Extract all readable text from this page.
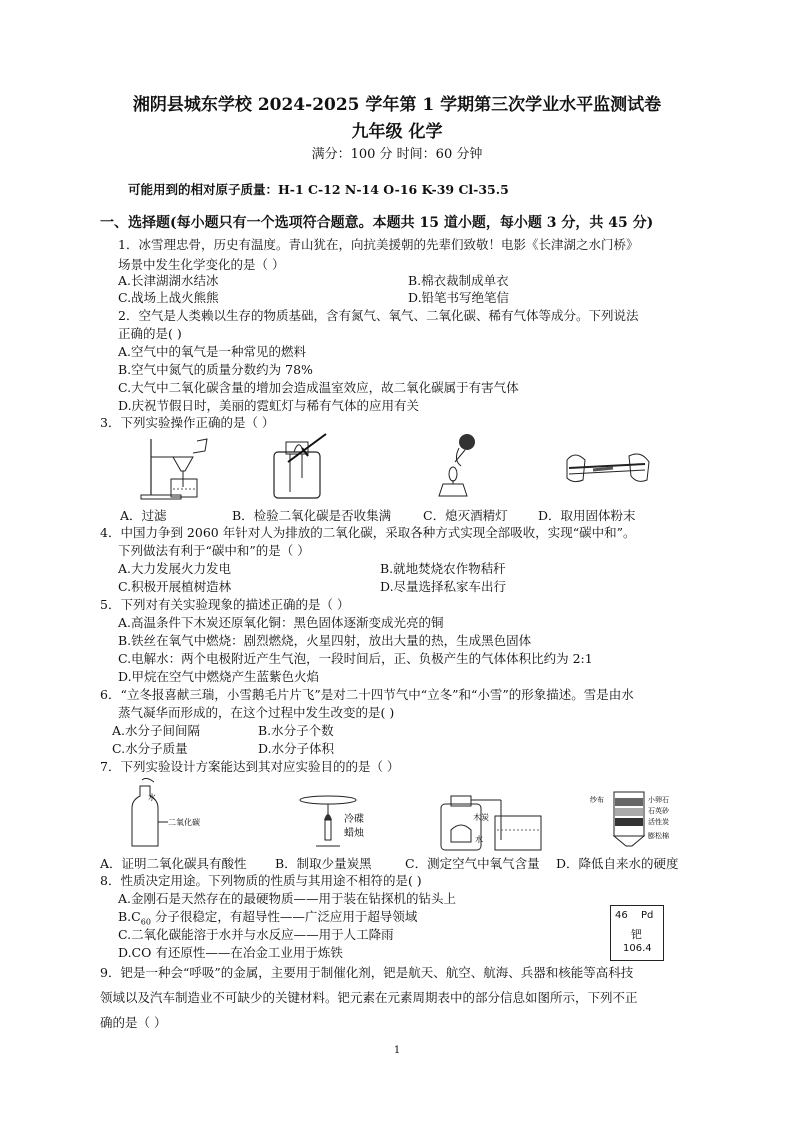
湘阴县城东学校 2024-2025 学年第 1 学期第三次学业水平监测试卷
九年级 化学
满分：100 分 时间：60 分钟
可能用到的相对原子质量：H-1 C-12 N-14 O-16 K-39 Cl-35.5
一、选择题(每小题只有一个选项符合题意。本题共 15 道小题，每小题 3 分，共 45 分)
1．冰雪理忠骨，历史有温度。青山犹在，向抗美援朝的先辈们致敬！电影《长津湖之水门桥》
场景中发生化学变化的是（ ）
A.长津湖湖水结冰	B.棉衣裁制成单衣
C.战场上战火熊熊	D.铅笔书写绝笔信
2．空气是人类赖以生存的物质基础，含有氮气、氧气、二氧化碳、稀有气体等成分。下列说法
正确的是( )
A.空气中的氧气是一种常见的燃料
B.空气中氮气的质量分数约为 78%
C.大气中二氧化碳含量的增加会造成温室效应，故二氧化碳属于有害气体
D.庆祝节假日时，美丽的霓虹灯与稀有气体的应用有关
3．下列实验操作正确的是（ ）
A．过滤	B．检验二氧化碳是否收集满	C．熄灭酒精灯 D．取用固体粉末
4．中国力争到 2060 年针对人为排放的二氧化碳，采取各种方式实现全部吸收，实现“碳中和”。
下列做法有利于“碳中和”的是（ ）
A.大力发展火力发电	B.就地焚烧农作物秸秆
C.积极开展植树造林	D.尽量选择私家车出行
5．下列对有关实验现象的描述正确的是（ ）
A.高温条件下木炭还原氧化铜：黑色固体逐渐变成光亮的铜
B.铁丝在氧气中燃烧：剧烈燃烧，火星四射，放出大量的热，生成黑色固体
C.电解水：两个电极附近产生气泡，一段时间后，正、负极产生的气体体积比约为 2:1
D.甲烷在空气中燃烧产生蓝紫色火焰
6．“立冬报喜献三瑞，小雪鹅毛片片飞”是对二十四节气中“立冬”和“小雪”的形象描述。雪是由水
蒸气凝华而形成的，在这个过程中发生改变的是( )
A.水分子间间隔	B.水分子个数
C.水分子质量	D.水分子体积
7．下列实验设计方案能达到其对应实验目的的是（ ）
水
二氧化碳	冷碟
蜡烛
木炭
水
纱布	小卵石
石英砂
活性炭
膨松棉
A．证明二氧化碳具有酸性 B．制取少量炭黑	C．测定空气中氧气含量 D．降低自来水的硬度
8．性质决定用途。下列物质的性质与其用途不相符的是( )
A.金刚石是天然存在的最硬物质——用于装在钻探机的钻头上
$B.C_{60}$ 分子很稳定，有超导性——广泛应用于超导领域
C.二氧化碳能溶于水并与水反应——用于人工降雨
D.CO 有还原性——在冶金工业用于炼铁
46 Pd
钯
106.4
9．钯是一种会“呼吸”的金属，主要用于制催化剂，钯是航天、航空、航海、兵器和核能等高科技
领域以及汽车制造业不可缺少的关键材料。钯元素在元素周期表中的部分信息如图所示，下列不正
确的是（ ）
1
